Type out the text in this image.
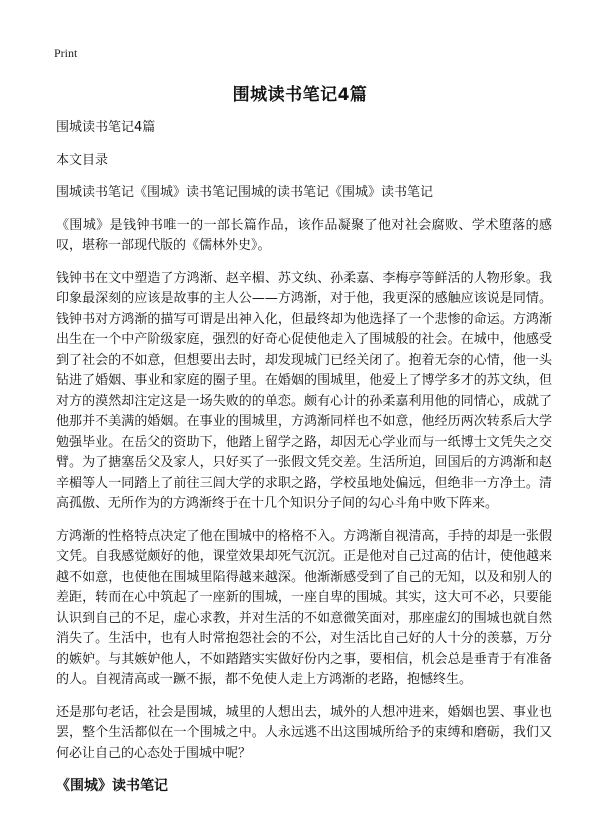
Print
围城读书笔记4篇
围城读书笔记4篇
本文目录
围城读书笔记《围城》读书笔记围城的读书笔记《围城》读书笔记

《围城》是钱钟书唯一的一部长篇作品，该作品凝聚了他对社会腐败、学术堕落的感叹，堪称一部现代版的《儒林外史》。

钱钟书在文中塑造了方鸿渐、赵辛楣、苏文纨、孙柔嘉、李梅亭等鲜活的人物形象。我印象最深刻的应该是故事的主人公——方鸿渐，对于他，我更深的感触应该说是同情。钱钟书对方鸿渐的描写可谓是出神入化，但最终却为他选择了一个悲惨的命运。方鸿渐出生在一个中产阶级家庭，强烈的好奇心促使他走入了围城般的社会。在城中，他感受到了社会的不如意，但想要出去时，却发现城门已经关闭了。抱着无奈的心情，他一头钻进了婚姻、事业和家庭的圈子里。在婚姻的围城里，他爱上了博学多才的苏文纨，但对方的漠然却注定这是一场失败的的单恋。颇有心计的孙柔嘉利用他的同情心，成就了他那并不美满的婚姻。在事业的围城里，方鸿渐同样也不如意，他经历两次转系后大学勉强毕业。在岳父的资助下，他踏上留学之路，却因无心学业而与一纸博士文凭失之交臂。为了搪塞岳父及家人，只好买了一张假文凭交差。生活所迫，回国后的方鸿渐和赵辛楣等人一同踏上了前往三闾大学的求职之路，学校虽地处偏远，但绝非一方净土。清高孤傲、无所作为的方鸿渐终于在十几个知识分子间的勾心斗角中败下阵来。

方鸿渐的性格特点决定了他在围城中的格格不入。方鸿渐自视清高，手持的却是一张假文凭。自我感觉颇好的他，课堂效果却死气沉沉。正是他对自己过高的估计，使他越来越不如意，也使他在围城里陷得越来越深。他渐渐感受到了自己的无知，以及和别人的差距，转而在心中筑起了一座新的围城，一座自卑的围城。其实，这大可不必，只要能认识到自己的不足，虚心求教，并对生活的不如意微笑面对，那座虚幻的围城也就自然消失了。生活中，也有人时常抱怨社会的不公，对生活比自己好的人十分的羡慕，万分的嫉妒。与其嫉妒他人，不如踏踏实实做好份内之事，要相信，机会总是垂青于有准备的人。自视清高或一蹶不振，都不免使人走上方鸿渐的老路，抱憾终生。

还是那句老话，社会是围城，城里的人想出去，城外的人想冲进来，婚姻也罢、事业也罢，整个生活都似在一个围城之中。人永远逃不出这围城所给予的束缚和磨砺，我们又何必让自己的心态处于围城中呢？

《围城》读书笔记
